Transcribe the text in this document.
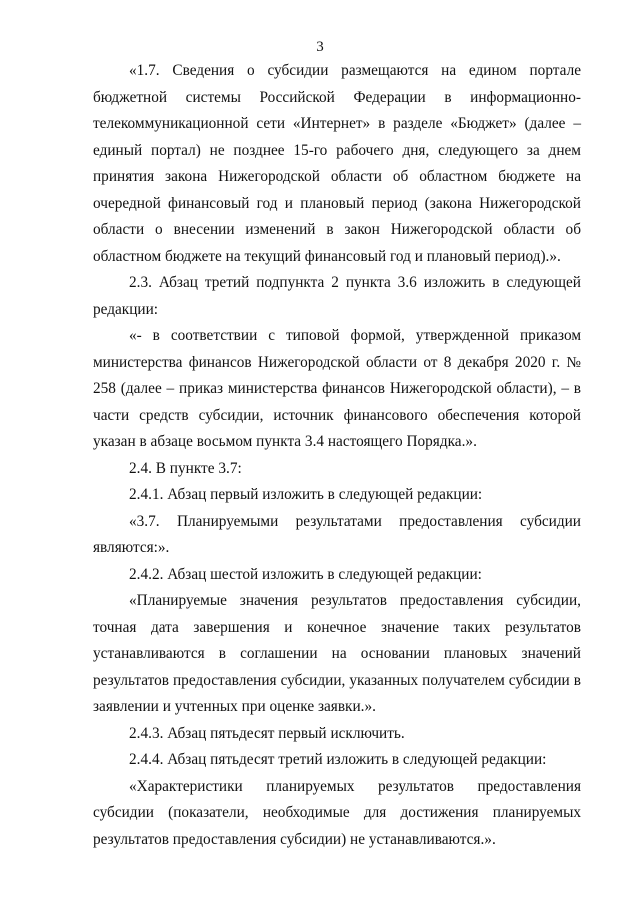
3

«1.7. Сведения о субсидии размещаются на едином портале бюджетной системы Российской Федерации в информационно-телекоммуникационной сети «Интернет» в разделе «Бюджет» (далее – единый портал) не позднее 15-го рабочего дня, следующего за днем принятия закона Нижегородской области об областном бюджете на очередной финансовый год и плановый период (закона Нижегородской области о внесении изменений в закон Нижегородской области об областном бюджете на текущий финансовый год и плановый период).».

2.3. Абзац третий подпункта 2 пункта 3.6 изложить в следующей редакции:

«- в соответствии с типовой формой, утвержденной приказом министерства финансов Нижегородской области от 8 декабря 2020 г. № 258 (далее – приказ министерства финансов Нижегородской области), – в части средств субсидии, источник финансового обеспечения которой указан в абзаце восьмом пункта 3.4 настоящего Порядка.».

2.4. В пункте 3.7:

2.4.1. Абзац первый изложить в следующей редакции:

«3.7. Планируемыми результатами предоставления субсидии являются:».

2.4.2. Абзац шестой изложить в следующей редакции:

«Планируемые значения результатов предоставления субсидии, точная дата завершения и конечное значение таких результатов устанавливаются в соглашении на основании плановых значений результатов предоставления субсидии, указанных получателем субсидии в заявлении и учтенных при оценке заявки.».

2.4.3. Абзац пятьдесят первый исключить.

2.4.4. Абзац пятьдесят третий изложить в следующей редакции:

«Характеристики планируемых результатов предоставления субсидии (показатели, необходимые для достижения планируемых результатов предоставления субсидии) не устанавливаются.».
